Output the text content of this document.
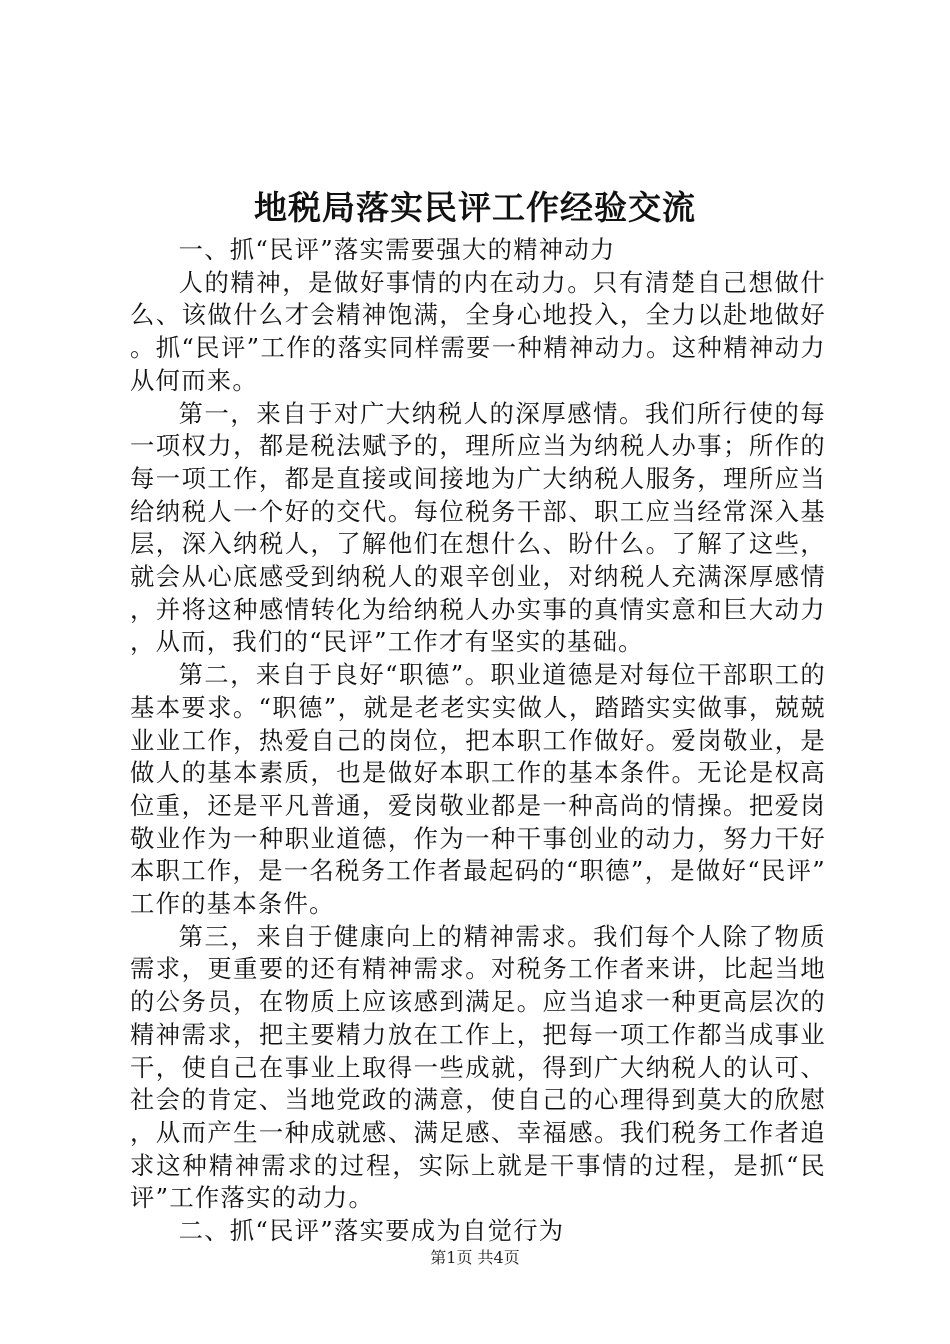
地税局落实民评工作经验交流

一、抓“民评”落实需要强大的精神动力

人的精神，是做好事情的内在动力。只有清楚自己想做什么、该做什么才会精神饱满，全身心地投入，全力以赴地做好。抓“民评”工作的落实同样需要一种精神动力。这种精神动力从何而来。

第一，来自于对广大纳税人的深厚感情。我们所行使的每一项权力，都是税法赋予的，理所应当为纳税人办事；所作的每一项工作，都是直接或间接地为广大纳税人服务，理所应当给纳税人一个好的交代。每位税务干部、职工应当经常深入基层，深入纳税人，了解他们在想什么、盼什么。了解了这些，就会从心底感受到纳税人的艰辛创业，对纳税人充满深厚感情，并将这种感情转化为给纳税人办实事的真情实意和巨大动力，从而，我们的“民评”工作才有坚实的基础。

第二，来自于良好“职德”。职业道德是对每位干部职工的基本要求。“职德”，就是老老实实做人，踏踏实实做事，兢兢业业工作，热爱自己的岗位，把本职工作做好。爱岗敬业，是做人的基本素质，也是做好本职工作的基本条件。无论是权高位重，还是平凡普通，爱岗敬业都是一种高尚的情操。把爱岗敬业作为一种职业道德，作为一种干事创业的动力，努力干好本职工作，是一名税务工作者最起码的“职德”，是做好“民评”工作的基本条件。

第三，来自于健康向上的精神需求。我们每个人除了物质需求，更重要的还有精神需求。对税务工作者来讲，比起当地的公务员，在物质上应该感到满足。应当追求一种更高层次的精神需求，把主要精力放在工作上，把每一项工作都当成事业干，使自己在事业上取得一些成就，得到广大纳税人的认可、社会的肯定、当地党政的满意，使自己的心理得到莫大的欣慰，从而产生一种成就感、满足感、幸福感。我们税务工作者追求这种精神需求的过程，实际上就是干事情的过程，是抓“民评”工作落实的动力。

二、抓“民评”落实要成为自觉行为

第1页 共4页
